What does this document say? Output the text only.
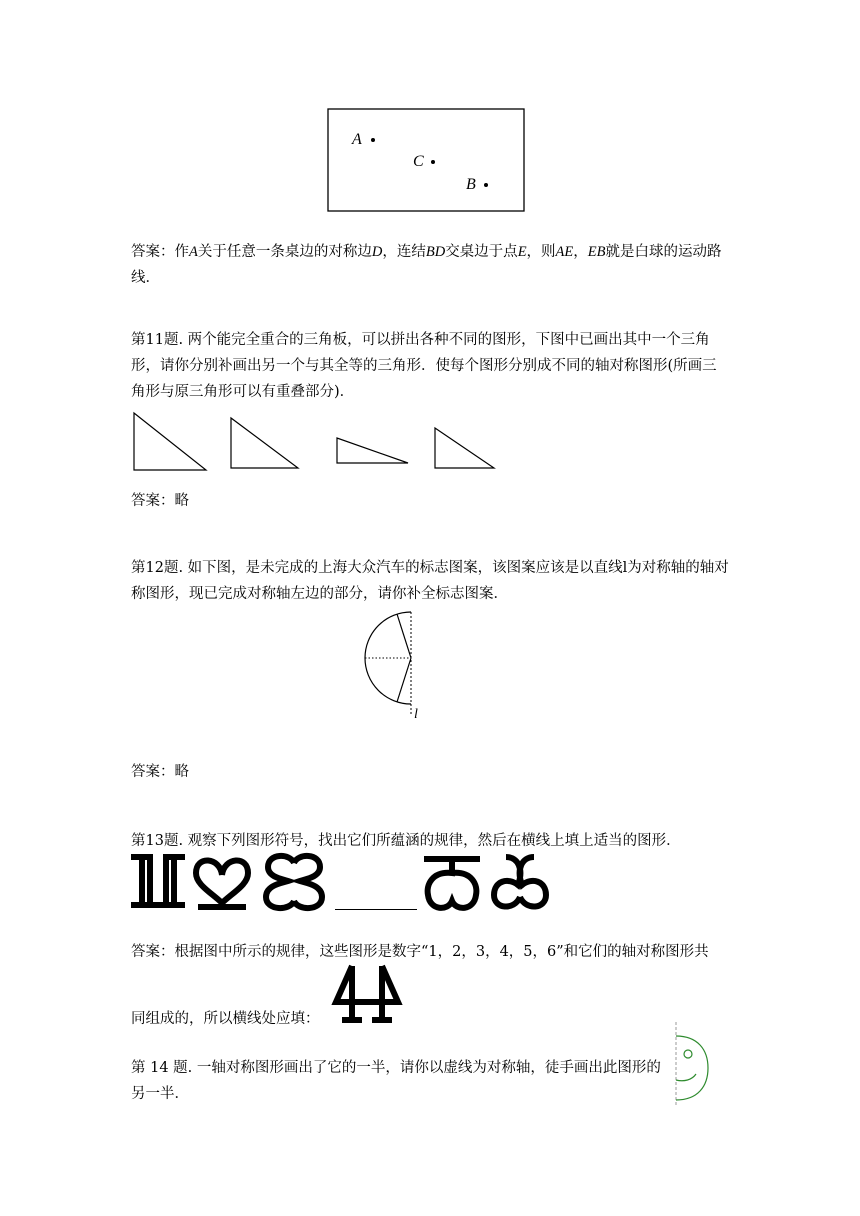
A
C
B
答案：作A关于任意一条桌边的对称边D，连结BD交桌边于点E，则AE，EB就是白球的运动路线．
第11题. 两个能完全重合的三角板，可以拼出各种不同的图形，下图中已画出其中一个三角形，请你分别补画出另一个与其全等的三角形．使每个图形分别成不同的轴对称图形(所画三角形与原三角形可以有重叠部分)．
答案：略
第12题. 如下图，是未完成的上海大众汽车的标志图案，该图案应该是以直线l为对称轴的轴对称图形，现已完成对称轴左边的部分，请你补全标志图案．
l
答案：略
第13题. 观察下列图形符号，找出它们所蕴涵的规律，然后在横线上填上适当的图形．
答案：根据图中所示的规律，这些图形是数字“1，2，3，4，5，6”和它们的轴对称图形共
同组成的，所以横线处应填：
第 14 题. 一轴对称图形画出了它的一半，请你以虚线为对称轴，徒手画出此图形的另一半．
